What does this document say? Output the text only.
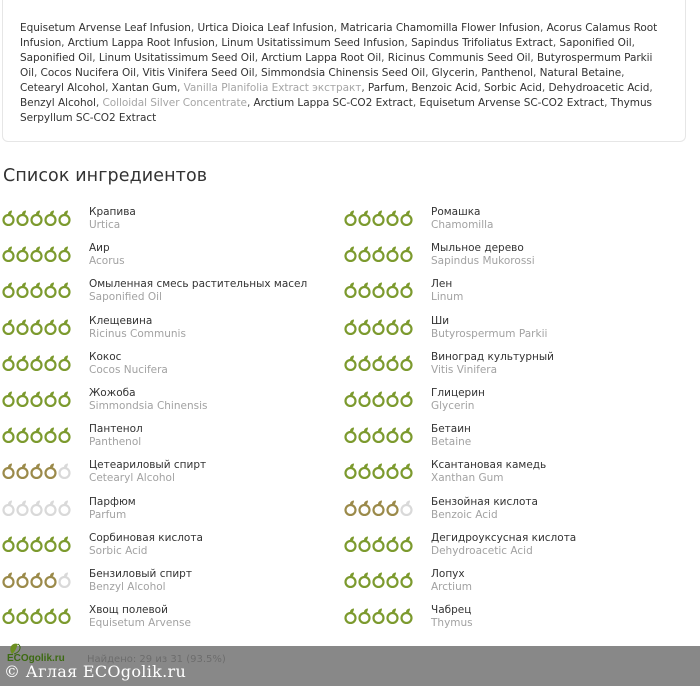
Equisetum Arvense Leaf Infusion, Urtica Dioica Leaf Infusion, Matricaria Chamomilla Flower Infusion, Acorus Calamus Root Infusion, Arctium Lappa Root Infusion, Linum Usitatissimum Seed Infusion, Sapindus Trifoliatus Extract, Saponified Oil, Saponified Oil, Linum Usitatissimum Seed Oil, Arctium Lappa Root Oil, Ricinus Communis Seed Oil, Butyrospermum Parkii Oil, Cocos Nucifera Oil, Vitis Vinifera Seed Oil, Simmondsia Chinensis Seed Oil, Glycerin, Panthenol, Natural Betaine, Cetearyl Alcohol, Xantan Gum, Vanilla Planifolia Extract экстракт, Parfum, Benzoic Acid, Sorbic Acid, Dehydroacetic Acid, Benzyl Alcohol, Colloidal Silver Concentrate, Arctium Lappa SC-CO2 Extract, Equisetum Arvense SC-CO2 Extract, Thymus Serpyllum SC-CO2 Extract
Список ингредиентов
Крапива
Urtica
Аир
Acorus
Омыленная смесь растительных масел
Saponified Oil
Клещевина
Ricinus Communis
Кокос
Cocos Nucifera
Жожоба
Simmondsia Chinensis
Пантенол
Panthenol
Цетеариловый спирт
Cetearyl Alcohol
Парфюм
Parfum
Сорбиновая кислота
Sorbic Acid
Бензиловый спирт
Benzyl Alcohol
Хвощ полевой
Equisetum Arvense
Ромашка
Chamomilla
Мыльное дерево
Sapindus Mukorossi
Лен
Linum
Ши
Butyrospermum Parkii
Виноград культурный
Vitis Vinifera
Глицерин
Glycerin
Бетаин
Betaine
Ксантановая камедь
Xanthan Gum
Бензойная кислота
Benzoic Acid
Дегидроуксусная кислота
Dehydroacetic Acid
Лопух
Arctium
Чабрец
Thymus
ECOgolik.ru
© Аглая ECOgolik.ru
